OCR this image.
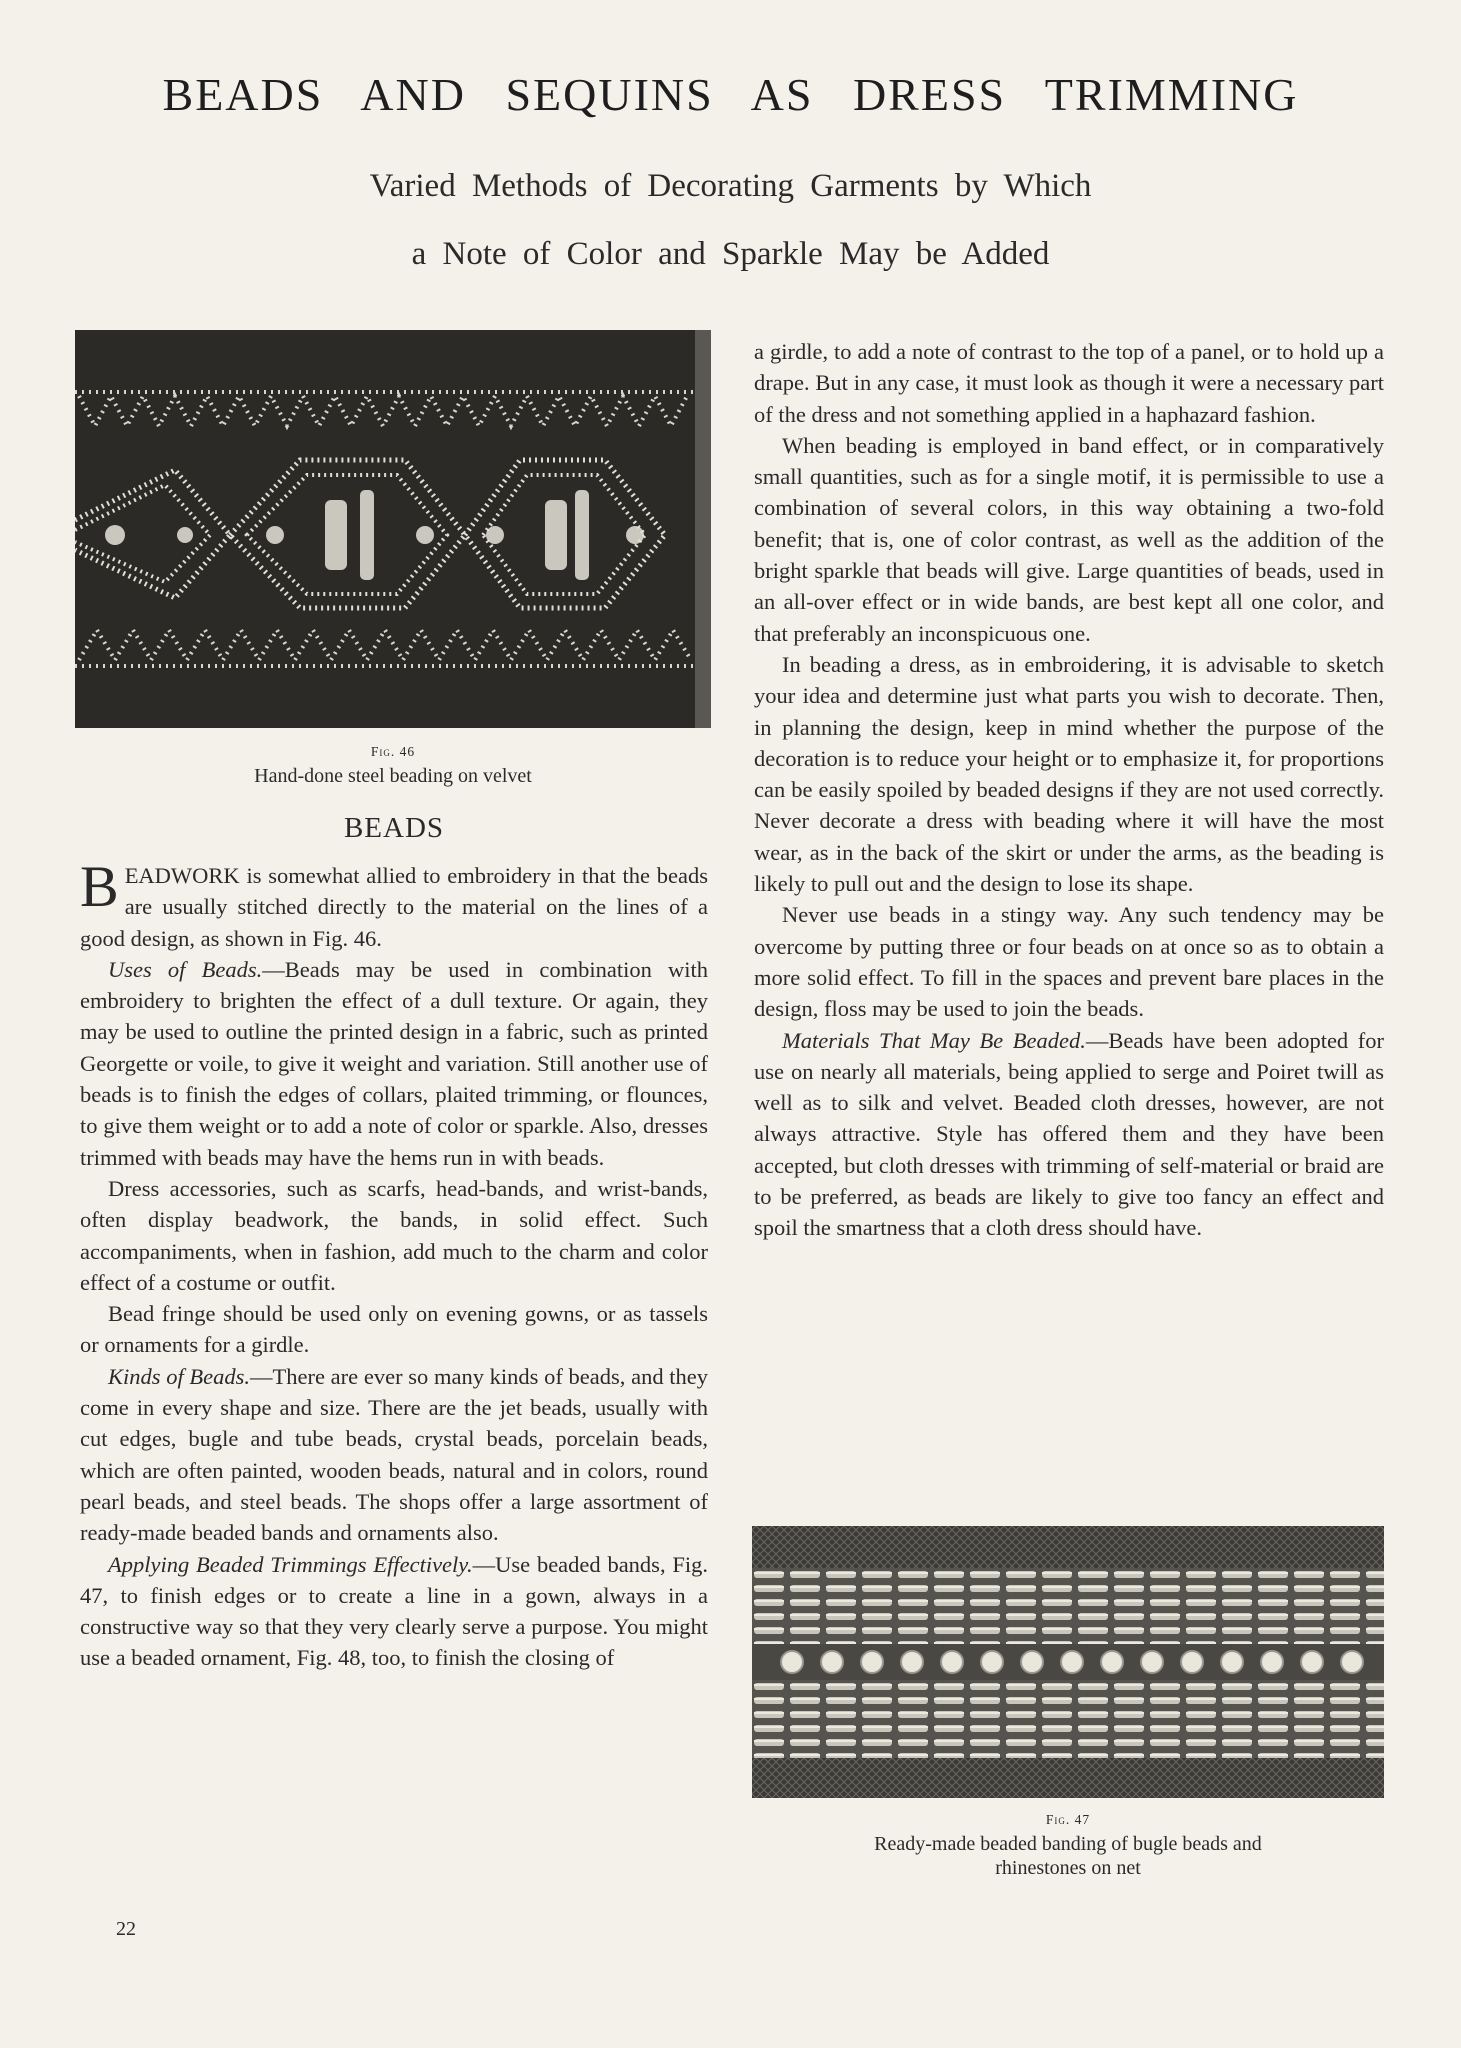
BEADS AND SEQUINS AS DRESS TRIMMING
Varied Methods of Decorating Garments by Which
a Note of Color and Sparkle May be Added
Fig. 46
Hand-done steel beading on velvet
BEADS

BEADWORK is somewhat allied to embroidery in that the beads are usually stitched directly to the material on the lines of a good design, as shown in Fig. 46.

Uses of Beads.—Beads may be used in combination with embroidery to brighten the effect of a dull texture. Or again, they may be used to outline the printed design in a fabric, such as printed Georgette or voile, to give it weight and variation. Still another use of beads is to finish the edges of collars, plaited trimming, or flounces, to give them weight or to add a note of color or sparkle. Also, dresses trimmed with beads may have the hems run in with beads.

Dress accessories, such as scarfs, head-bands, and wrist-bands, often display beadwork, the bands, in solid effect. Such accompaniments, when in fashion, add much to the charm and color effect of a costume or outfit.

Bead fringe should be used only on evening gowns, or as tassels or ornaments for a girdle.

Kinds of Beads.—There are ever so many kinds of beads, and they come in every shape and size. There are the jet beads, usually with cut edges, bugle and tube beads, crystal beads, porcelain beads, which are often painted, wooden beads, natural and in colors, round pearl beads, and steel beads. The shops offer a large assortment of ready-made beaded bands and ornaments also.

Applying Beaded Trimmings Effectively.—Use beaded bands, Fig. 47, to finish edges or to create a line in a gown, always in a constructive way so that they very clearly serve a purpose. You might use a beaded ornament, Fig. 48, too, to finish the closing of

a girdle, to add a note of contrast to the top of a panel, or to hold up a drape. But in any case, it must look as though it were a necessary part of the dress and not something applied in a haphazard fashion.

When beading is employed in band effect, or in comparatively small quantities, such as for a single motif, it is permissible to use a combination of several colors, in this way obtaining a two-fold benefit; that is, one of color contrast, as well as the addition of the bright sparkle that beads will give. Large quantities of beads, used in an all-over effect or in wide bands, are best kept all one color, and that preferably an inconspicuous one.

In beading a dress, as in embroidering, it is advisable to sketch your idea and determine just what parts you wish to decorate. Then, in planning the design, keep in mind whether the purpose of the decoration is to reduce your height or to emphasize it, for proportions can be easily spoiled by beaded designs if they are not used correctly. Never decorate a dress with beading where it will have the most wear, as in the back of the skirt or under the arms, as the beading is likely to pull out and the design to lose its shape.

Never use beads in a stingy way. Any such tendency may be overcome by putting three or four beads on at once so as to obtain a more solid effect. To fill in the spaces and prevent bare places in the design, floss may be used to join the beads.

Materials That May Be Beaded.—Beads have been adopted for use on nearly all materials, being applied to serge and Poiret twill as well as to silk and velvet. Beaded cloth dresses, however, are not always attractive. Style has offered them and they have been accepted, but cloth dresses with trimming of self-material or braid are to be preferred, as beads are likely to give too fancy an effect and spoil the smartness that a cloth dress should have.

Fig. 47
Ready-made beaded banding of bugle beads and
rhinestones on net
22
